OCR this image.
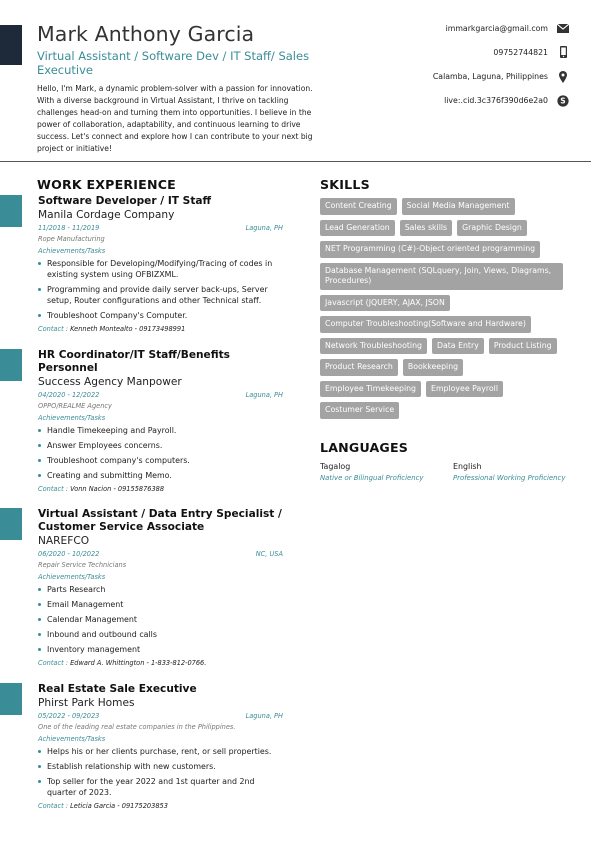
Mark Anthony Garcia
Virtual Assistant / Software Dev / IT Staff/ Sales Executive
Hello, I'm Mark, a dynamic problem-solver with a passion for innovation. With a diverse background in Virtual Assistant, I thrive on tackling challenges head-on and turning them into opportunities. I believe in the power of collaboration, adaptability, and continuous learning to drive success. Let's connect and explore how I can contribute to your next big project or initiative!
immarkgarcia@gmail.com
09752744821
Calamba, Laguna, Philippines
live:.cid.3c376f390d6e2a0 S
WORK EXPERIENCE
Software Developer / IT Staff
Manila Cordage Company
11/2018 - 11/2019	Laguna, PH
Rope Manufacturing
Achievements/Tasks
Responsible for Developing/Modifying/Tracing of codes in existing system using OFBIZXML.
Programming and provide daily server back-ups, Server setup, Router configurations and other Technical staff.
Troubleshoot Company's Computer.
Contact : Kenneth Montealto - 09173498991
HR Coordinator/IT Staff/Benefits Personnel
Success Agency Manpower
04/2020 - 12/2022	Laguna, PH
OPPO/REALME Agency
Achievements/Tasks
Handle Timekeeping and Payroll.
Answer Employees concerns.
Troubleshoot company's computers.
Creating and submitting Memo.
Contact : Vonn Nacion - 09155876388
Virtual Assistant / Data Entry Specialist / Customer Service Associate
NAREFCO
06/2020 - 10/2022	NC, USA
Repair Service Technicians
Achievements/Tasks
Parts Research
Email Management
Calendar Management
Inbound and outbound calls
Inventory management
Contact : Edward A. Whittington - 1-833-812-0766.
Real Estate Sale Executive
Phirst Park Homes
05/2022 - 09/2023	Laguna, PH
One of the leading real estate companies in the Philippines.
Achievements/Tasks
Helps his or her clients purchase, rent, or sell properties.
Establish relationship with new customers.
Top seller for the year 2022 and 1st quarter and 2nd quarter of 2023.
Contact : Leticia Garcia - 09175203853
SKILLS
Content Creating	Social Media Management
Lead Generation	Sales skills	Graphic Design
NET Programming (C#)-Object oriented programming
Database Management (SQLquery, Join, Views, Diagrams, Procedures)
Javascript (JQUERY, AJAX, JSON
Computer Troubleshooting(Software and Hardware)
Network Troubleshooting	Data Entry	Product Listing
Product Research	Bookkeeping
Employee Timekeeping	Employee Payroll
Costumer Service
LANGUAGES
Tagalog
Native or Bilingual Proficiency
English
Professional Working Proficiency
